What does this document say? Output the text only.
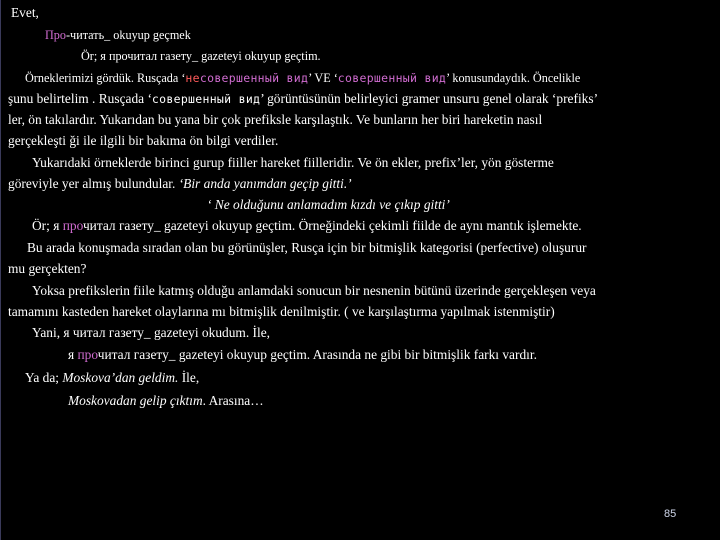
Evet,
Про-читать_ okuyup geçmek
Ör; я прочитал газету_ gazeteyi okuyup geçtim.
Örneklerimizi gördük. Rusçada ‘несовершенный вид’ VE ‘совершенный вид’ konusundaydık. Öncelikle
şunu belirtelim . Rusçada ‘совершенный вид’ görüntüsünün belirleyici gramer unsuru genel olarak ‘prefiks’
ler, ön takılardır. Yukarıdan bu yana bir çok prefiksle karşılaştık. Ve bunların her biri hareketin nasıl
gerçekleşti ği ile ilgili bir bakıma ön bilgi verdiler.
Yukarıdaki örneklerde birinci gurup fiiller hareket fiilleridir. Ve ön ekler, prefix’ler, yön gösterme
göreviyle yer almış bulundular. ‘Bir anda yanımdan geçip gitti.’
‘ Ne olduğunu anlamadım kızdı ve çıkıp gitti’
Ör; я прочитал газету_ gazeteyi okuyup geçtim. Örneğindeki çekimli fiilde de aynı mantık işlemekte.
Bu arada konuşmada sıradan olan bu görünüşler, Rusça için bir bitmişlik kategorisi (perfective) oluşurur
mu gerçekten?
Yoksa prefikslerin fiile katmış olduğu anlamdaki sonucun bir nesnenin bütünü üzerinde gerçekleşen veya
tamamını kasteden hareket olaylarına mı bitmişlik denilmiştir. ( ve karşılaştırma yapılmak istenmiştir)
Yani, я читал газету_ gazeteyi okudum. İle,
я прочитал газету_ gazeteyi okuyup geçtim. Arasında ne gibi bir bitmişlik farkı vardır.
Ya da; Moskova’dan geldim. İle,
Moskovadan gelip çıktım. Arasına…
85
